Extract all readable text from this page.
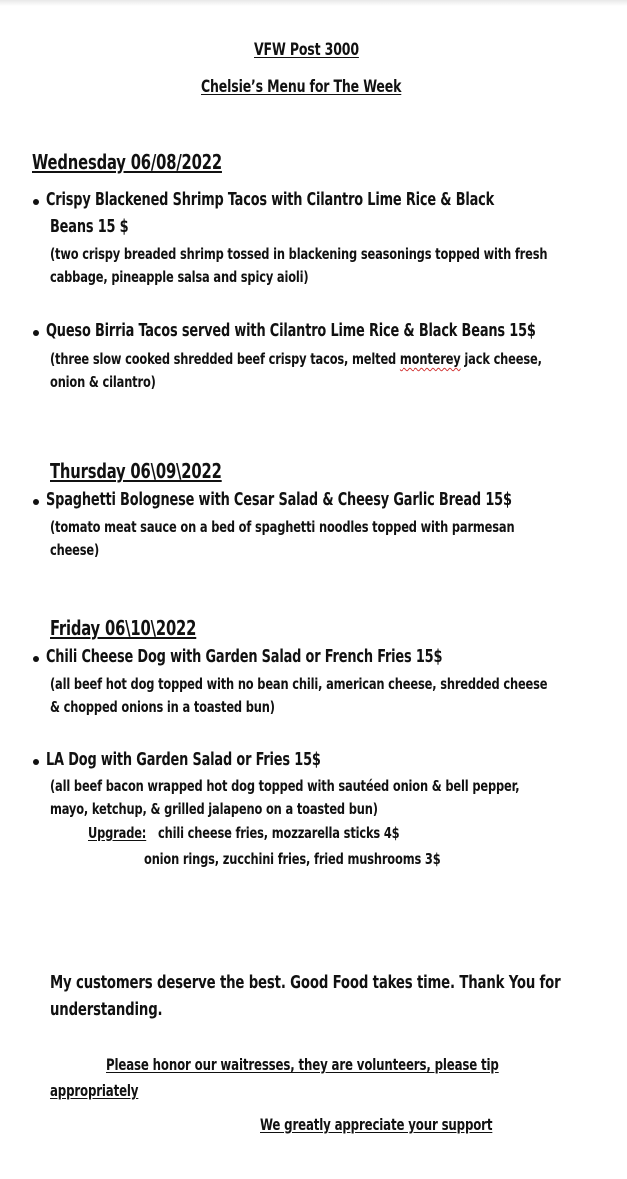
VFW Post 3000
Chelsie’s Menu for The Week
Wednesday 06/08/2022
Crispy Blackened Shrimp Tacos with Cilantro Lime Rice & Black
Beans 15 $
(two crispy breaded shrimp tossed in blackening seasonings topped with fresh
cabbage, pineapple salsa and spicy aioli)
Queso Birria Tacos served with Cilantro Lime Rice & Black Beans 15$
(three slow cooked shredded beef crispy tacos, melted monterey jack cheese,
onion & cilantro)
Thursday 06\09\2022
Spaghetti Bolognese with Cesar Salad & Cheesy Garlic Bread 15$
(tomato meat sauce on a bed of spaghetti noodles topped with parmesan
cheese)
Friday 06\10\2022
Chili Cheese Dog with Garden Salad or French Fries 15$
(all beef hot dog topped with no bean chili, american cheese, shredded cheese
& chopped onions in a toasted bun)
LA Dog with Garden Salad or Fries 15$
(all beef bacon wrapped hot dog topped with sautéed onion & bell pepper,
mayo, ketchup, & grilled jalapeno on a toasted bun)
Upgrade: chili cheese fries, mozzarella sticks 4$
onion rings, zucchini fries, fried mushrooms 3$
My customers deserve the best. Good Food takes time. Thank You for
understanding.
Please honor our waitresses, they are volunteers, please tip
appropriately
We greatly appreciate your support
